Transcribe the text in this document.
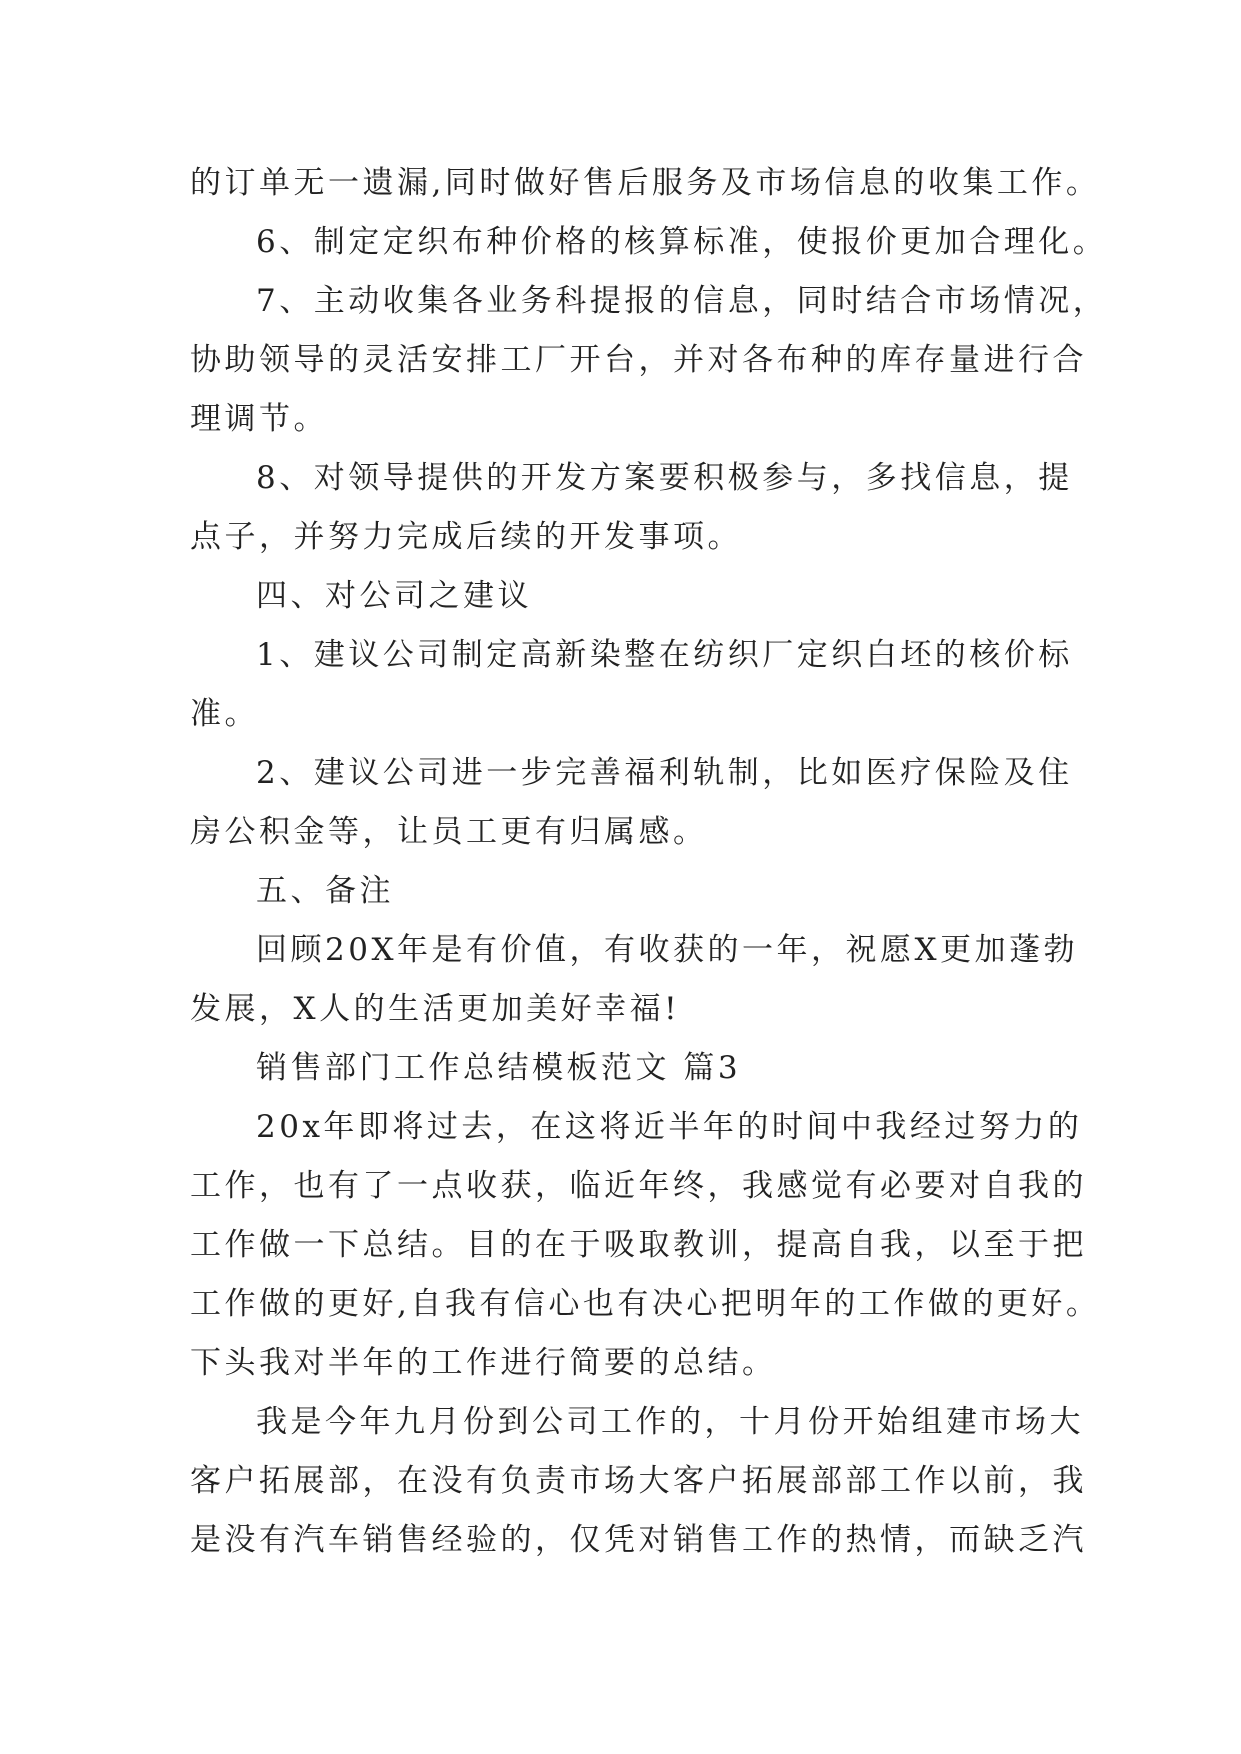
的订单无一遗漏,同时做好售后服务及市场信息的收集工作。
6、制定定织布种价格的核算标准，使报价更加合理化。
7、主动收集各业务科提报的信息，同时结合市场情况，
协助领导的灵活安排工厂开台，并对各布种的库存量进行合
理调节。
8、对领导提供的开发方案要积极参与，多找信息，提
点子，并努力完成后续的开发事项。
四、对公司之建议
1、建议公司制定高新染整在纺织厂定织白坯的核价标
准。
2、建议公司进一步完善福利轨制，比如医疗保险及住
房公积金等，让员工更有归属感。
五、备注
回顾20X年是有价值，有收获的一年，祝愿X更加蓬勃
发展，X人的生活更加美好幸福!
销售部门工作总结模板范文 篇3
20x年即将过去，在这将近半年的时间中我经过努力的
工作，也有了一点收获，临近年终，我感觉有必要对自我的
工作做一下总结。目的在于吸取教训，提高自我，以至于把
工作做的更好,自我有信心也有决心把明年的工作做的更好。
下头我对半年的工作进行简要的总结。
我是今年九月份到公司工作的，十月份开始组建市场大
客户拓展部，在没有负责市场大客户拓展部部工作以前，我
是没有汽车销售经验的，仅凭对销售工作的热情，而缺乏汽
